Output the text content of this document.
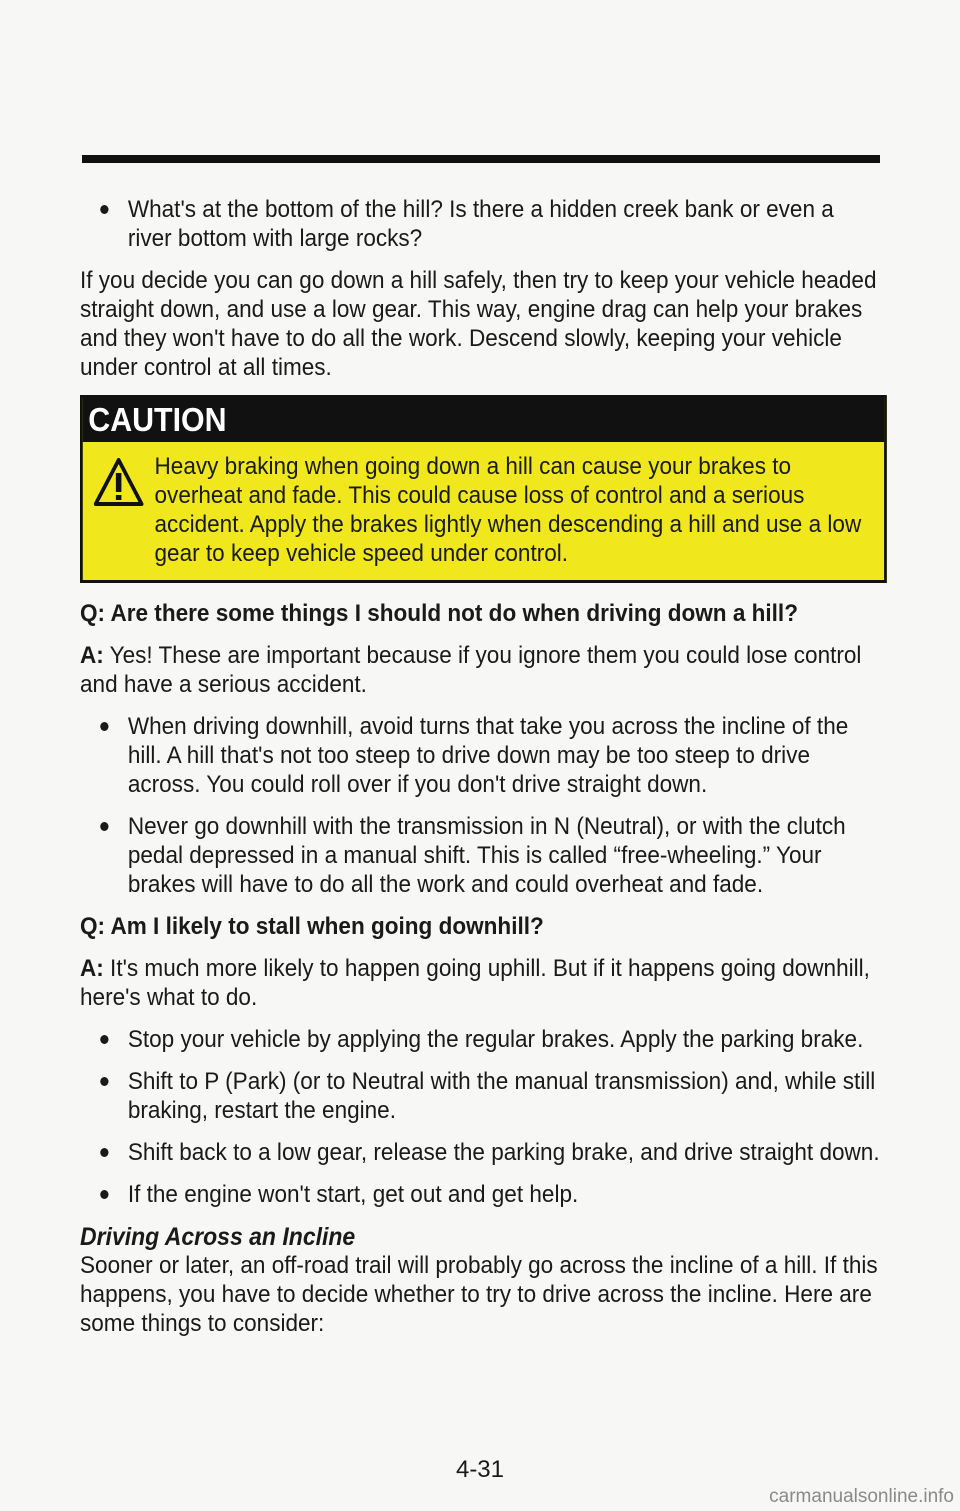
What's at the bottom of the hill? Is there a hidden creek bank or even a river bottom with large rocks?

If you decide you can go down a hill safely, then try to keep your vehicle headed straight down, and use a low gear. This way, engine drag can help your brakes and they won't have to do all the work. Descend slowly, keeping your vehicle under control at all times.

CAUTION
Heavy braking when going down a hill can cause your brakes to overheat and fade. This could cause loss of control and a serious accident. Apply the brakes lightly when descending a hill and use a low gear to keep vehicle speed under control.

Q: Are there some things I should not do when driving down a hill?

A: Yes! These are important because if you ignore them you could lose control and have a serious accident.

When driving downhill, avoid turns that take you across the incline of the hill. A hill that's not too steep to drive down may be too steep to drive across. You could roll over if you don't drive straight down.
Never go downhill with the transmission in N (Neutral), or with the clutch pedal depressed in a manual shift. This is called “free-wheeling.” Your brakes will have to do all the work and could overheat and fade.

Q: Am I likely to stall when going downhill?

A: It's much more likely to happen going uphill. But if it happens going downhill, here's what to do.

Stop your vehicle by applying the regular brakes. Apply the parking brake.
Shift to P (Park) (or to Neutral with the manual transmission) and, while still braking, restart the engine.
Shift back to a low gear, release the parking brake, and drive straight down.
If the engine won't start, get out and get help.
Driving Across an Incline

Sooner or later, an off-road trail will probably go across the incline of a hill. If this happens, you have to decide whether to try to drive across the incline. Here are some things to consider:

4-31
carmanualsonline.info
